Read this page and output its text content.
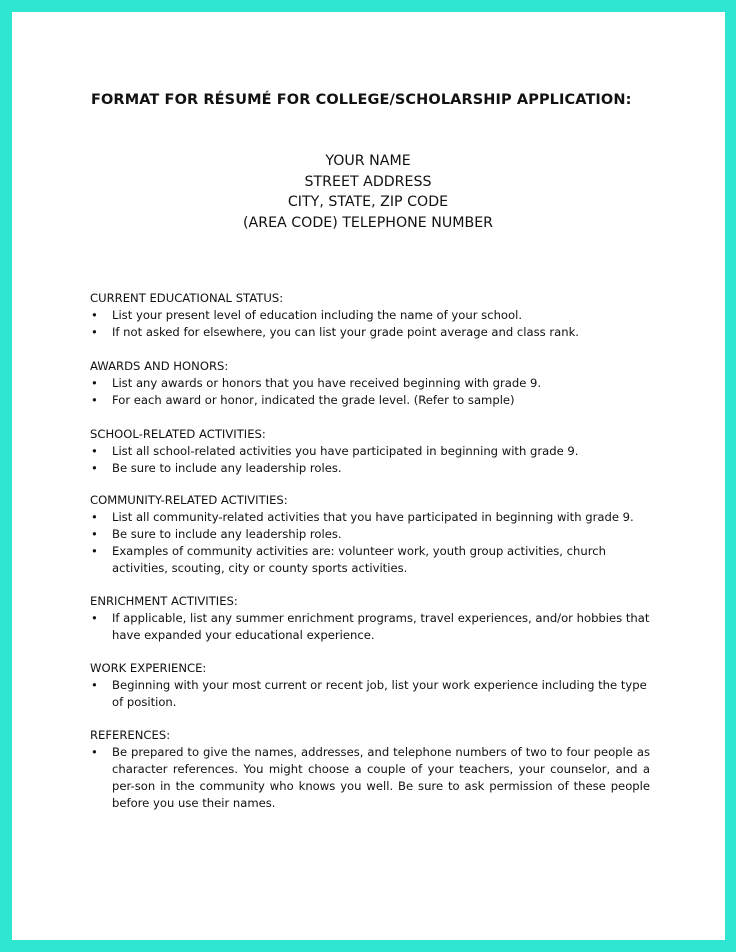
FORMAT FOR RÉSUMÉ FOR COLLEGE/SCHOLARSHIP APPLICATION:
YOUR NAME
STREET ADDRESS
CITY, STATE, ZIP CODE
(AREA CODE) TELEPHONE NUMBER
CURRENT EDUCATIONAL STATUS:
•	List your present level of education including the name of your school.
•	If not asked for elsewhere, you can list your grade point average and class rank.
AWARDS AND HONORS:
•	List any awards or honors that you have received beginning with grade 9.
•	For each award or honor, indicated the grade level. (Refer to sample)
SCHOOL-RELATED ACTIVITIES:
•	List all school-related activities you have participated in beginning with grade 9.
•	Be sure to include any leadership roles.
COMMUNITY-RELATED ACTIVITIES:
•	List all community-related activities that you have participated in beginning with grade 9.
•	Be sure to include any leadership roles.
•	Examples of community activities are: volunteer work, youth group activities, church activities, scouting, city or county sports activities.
ENRICHMENT ACTIVITIES:
•	If applicable, list any summer enrichment programs, travel experiences, and/or hobbies that have expanded your educational experience.
WORK EXPERIENCE:
•	Beginning with your most current or recent job, list your work experience including the type of position.
REFERENCES:
•	Be prepared to give the names, addresses, and telephone numbers of two to four people as character references. You might choose a couple of your teachers, your counselor, and a per-son in the community who knows you well. Be sure to ask permission of these people before you use their names.
